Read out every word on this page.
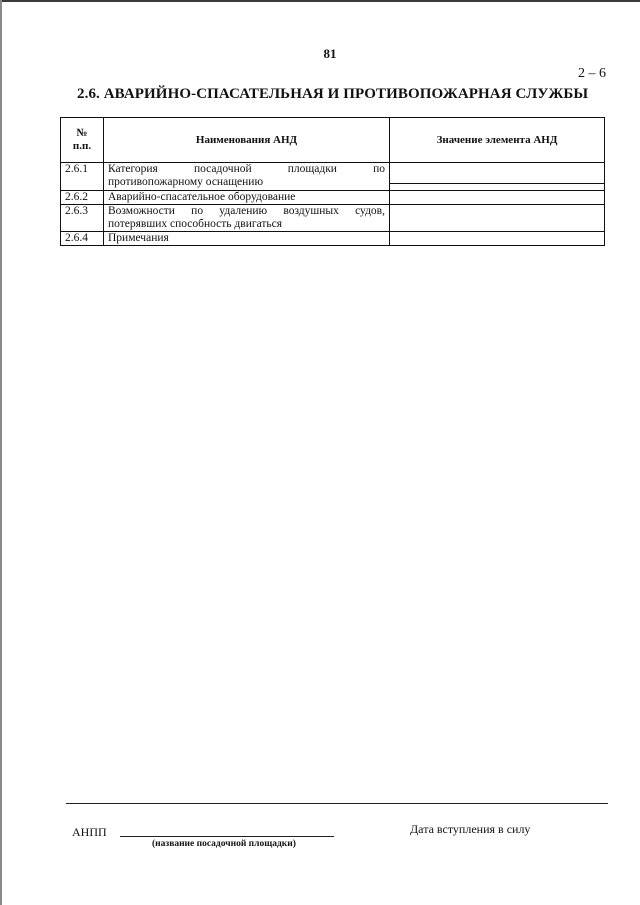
81
2 – 6
2.6. АВАРИЙНО-СПАСАТЕЛЬНАЯ И ПРОТИВОПОЖАРНАЯ СЛУЖБЫ
№
п.п.	Наименования АНД	Значение элемента АНД
2.6.1	Категория посадочной площадки по
противопожарному оснащению	

2.6.2	Аварийно-спасательное оборудование	
2.6.3	Возможности по удалению воздушных судов,
потерявших способность двигаться	

2.6.4	Примечания	
АНПП
(название посадочной площадки)
Дата вступления в силу
